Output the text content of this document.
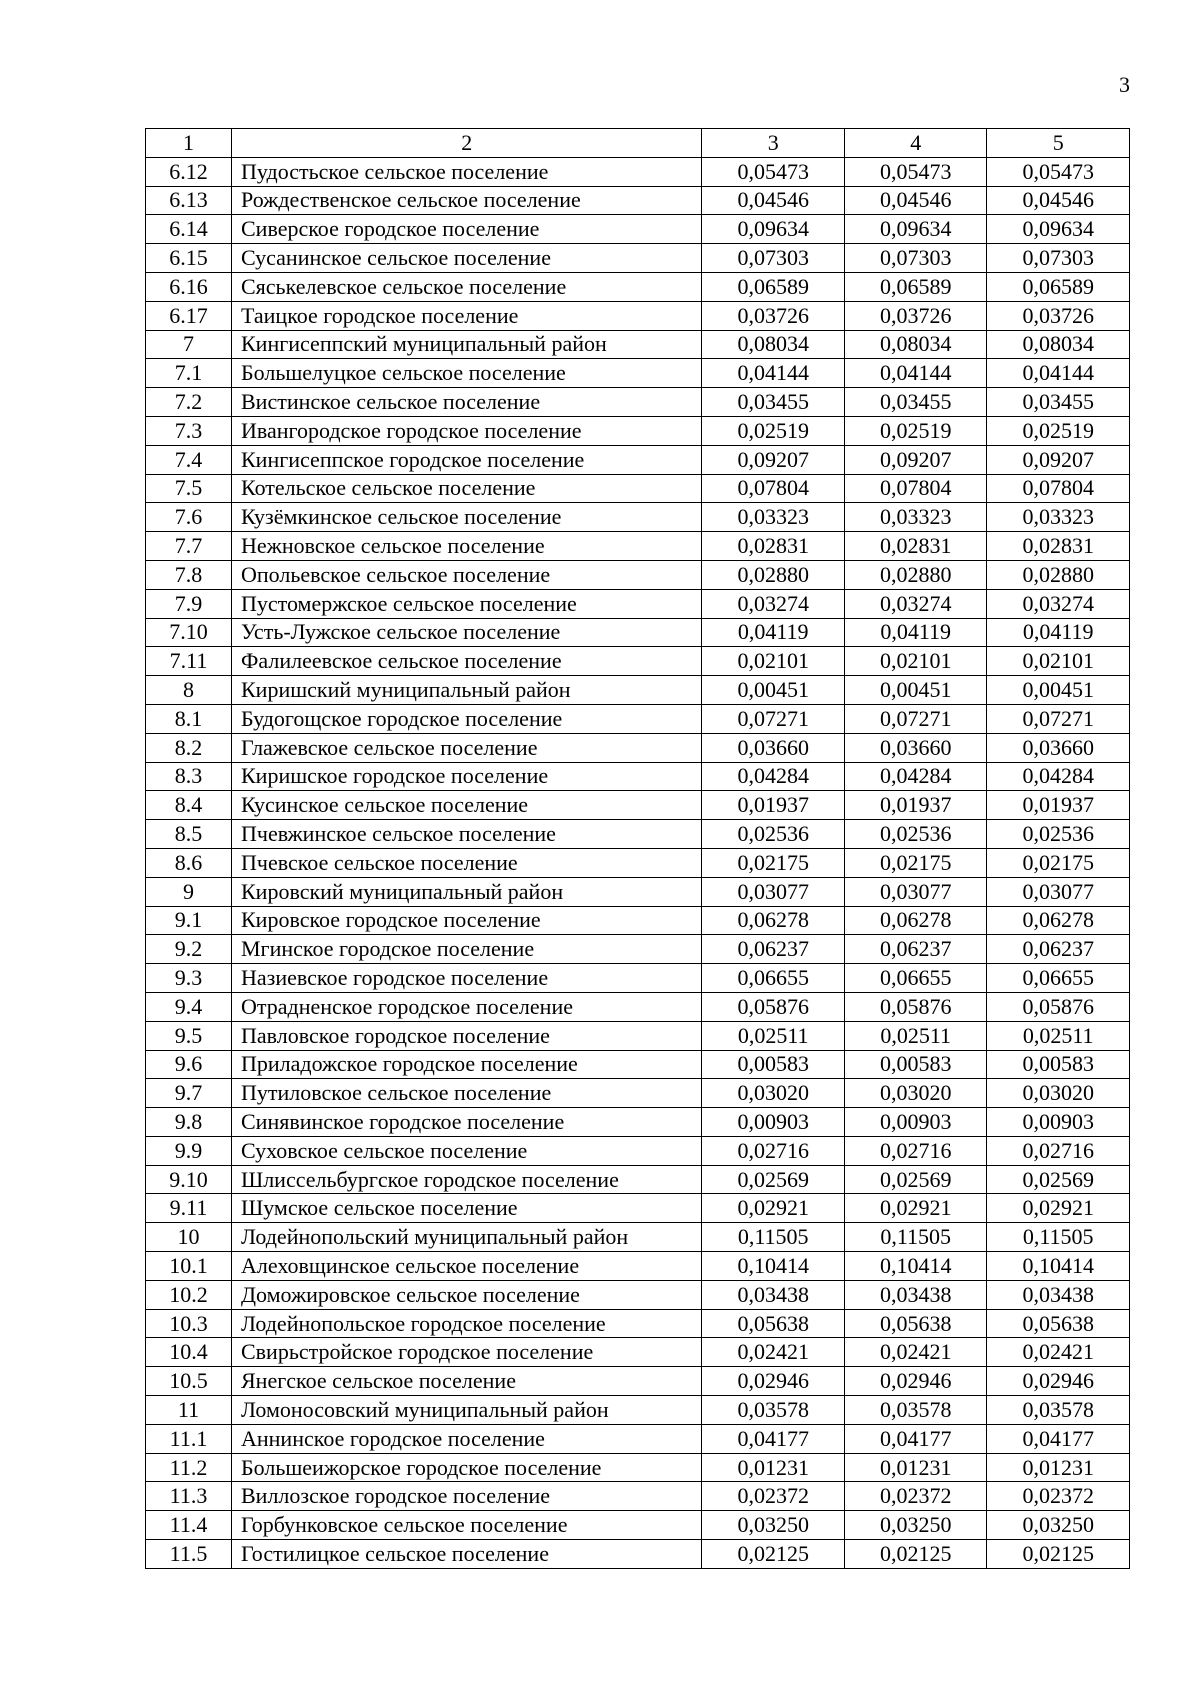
3
1	2	3	4	5
6.12	Пудостьское сельское поселение	0,05473	0,05473	0,05473
6.13	Рождественское сельское поселение	0,04546	0,04546	0,04546
6.14	Сиверское городское поселение	0,09634	0,09634	0,09634
6.15	Сусанинское сельское поселение	0,07303	0,07303	0,07303
6.16	Сяськелевское сельское поселение	0,06589	0,06589	0,06589
6.17	Таицкое городское поселение	0,03726	0,03726	0,03726
7	Кингисеппский муниципальный район	0,08034	0,08034	0,08034
7.1	Большелуцкое сельское поселение	0,04144	0,04144	0,04144
7.2	Вистинское сельское поселение	0,03455	0,03455	0,03455
7.3	Ивангородское городское поселение	0,02519	0,02519	0,02519
7.4	Кингисеппское городское поселение	0,09207	0,09207	0,09207
7.5	Котельское сельское поселение	0,07804	0,07804	0,07804
7.6	Кузёмкинское сельское поселение	0,03323	0,03323	0,03323
7.7	Нежновское сельское поселение	0,02831	0,02831	0,02831
7.8	Опольевское сельское поселение	0,02880	0,02880	0,02880
7.9	Пустомержское сельское поселение	0,03274	0,03274	0,03274
7.10	Усть-Лужское сельское поселение	0,04119	0,04119	0,04119
7.11	Фалилеевское сельское поселение	0,02101	0,02101	0,02101
8	Киришский муниципальный район	0,00451	0,00451	0,00451
8.1	Будогощское городское поселение	0,07271	0,07271	0,07271
8.2	Глажевское сельское поселение	0,03660	0,03660	0,03660
8.3	Киришское городское поселение	0,04284	0,04284	0,04284
8.4	Кусинское сельское поселение	0,01937	0,01937	0,01937
8.5	Пчевжинское сельское поселение	0,02536	0,02536	0,02536
8.6	Пчевское сельское поселение	0,02175	0,02175	0,02175
9	Кировский муниципальный район	0,03077	0,03077	0,03077
9.1	Кировское городское поселение	0,06278	0,06278	0,06278
9.2	Мгинское городское поселение	0,06237	0,06237	0,06237
9.3	Назиевское городское поселение	0,06655	0,06655	0,06655
9.4	Отрадненское городское поселение	0,05876	0,05876	0,05876
9.5	Павловское городское поселение	0,02511	0,02511	0,02511
9.6	Приладожское городское поселение	0,00583	0,00583	0,00583
9.7	Путиловское сельское поселение	0,03020	0,03020	0,03020
9.8	Синявинское городское поселение	0,00903	0,00903	0,00903
9.9	Суховское сельское поселение	0,02716	0,02716	0,02716
9.10	Шлиссельбургское городское поселение	0,02569	0,02569	0,02569
9.11	Шумское сельское поселение	0,02921	0,02921	0,02921
10	Лодейнопольский муниципальный район	0,11505	0,11505	0,11505
10.1	Алеховщинское сельское поселение	0,10414	0,10414	0,10414
10.2	Доможировское сельское поселение	0,03438	0,03438	0,03438
10.3	Лодейнопольское городское поселение	0,05638	0,05638	0,05638
10.4	Свирьстройское городское поселение	0,02421	0,02421	0,02421
10.5	Янегское сельское поселение	0,02946	0,02946	0,02946
11	Ломоносовский муниципальный район	0,03578	0,03578	0,03578
11.1	Аннинское городское поселение	0,04177	0,04177	0,04177
11.2	Большеижорское городское поселение	0,01231	0,01231	0,01231
11.3	Виллозское городское поселение	0,02372	0,02372	0,02372
11.4	Горбунковское сельское поселение	0,03250	0,03250	0,03250
11.5	Гостилицкое сельское поселение	0,02125	0,02125	0,02125
